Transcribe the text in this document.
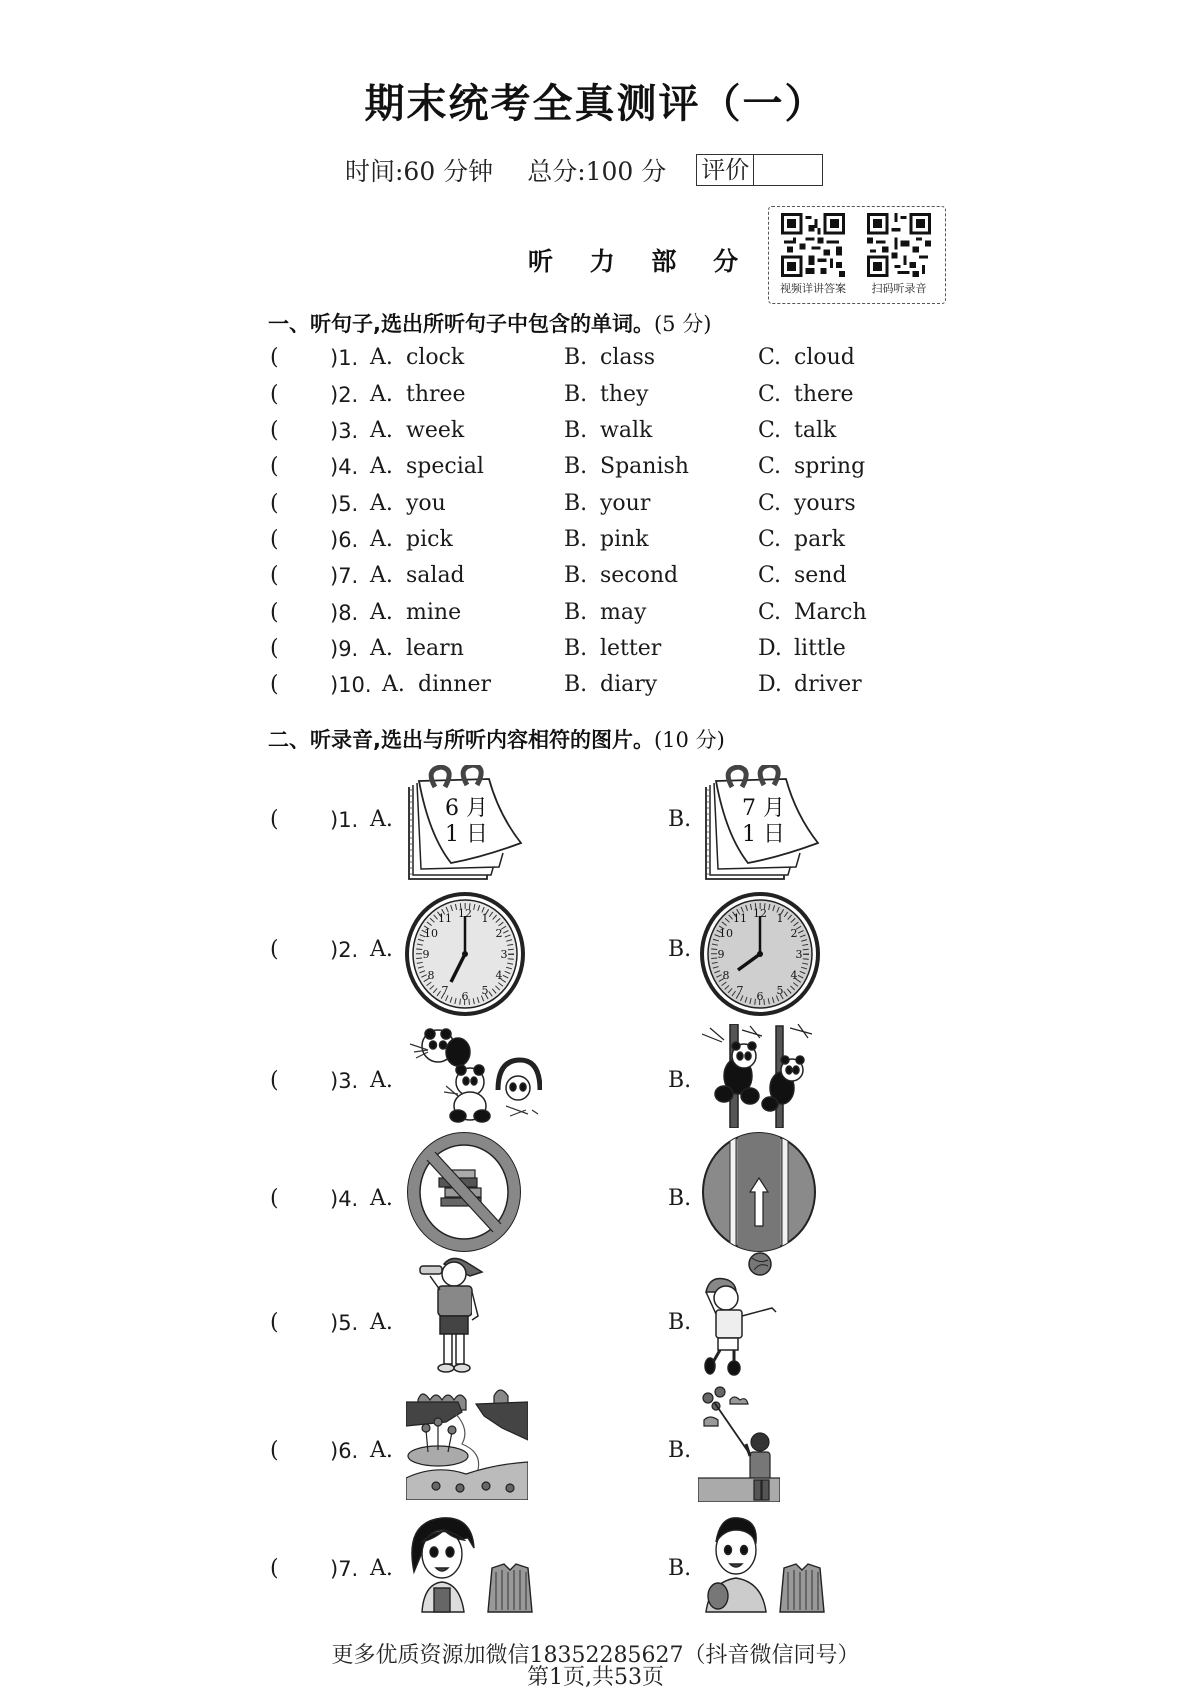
期末统考全真测评（一）
时间:60 分钟 总分:100 分 评价
听 力 部 分
视频详讲答案	扫码听录音
一、听句子,选出所听句子中包含的单词。(5 分)
( )1. A. clock	B. class	C. cloud
( )2. A. three	B. they	C. there
( )3. A. week	B. walk	C. talk
( )4. A. special	B. Spanish	C. spring
( )5. A. you	B. your	C. yours
( )6. A. pick	B. pink	C. park
( )7. A. salad	B. second	C. send
( )8. A. mine	B. may	C. March
( )9. A. learn	B. letter	D. little
( )10. A. dinner	B. diary	D. driver
二、听录音,选出与所听内容相符的图片。(10 分)
( )1. A. 6 月
1 日
B. 7 月
1 日
( )2. A.
12 1
2
3
4
5
6
7
8
9
10
11
B.
12 1
2
3
4
5
6
7
8
9
10
11
( )3. A.	B.
( )4. A.	B.
( )5. A.	B.
( )6. A.	B.
( )7. A.	B.
更多优质资源加微信18352285627（抖音微信同号）
第1页,共53页
